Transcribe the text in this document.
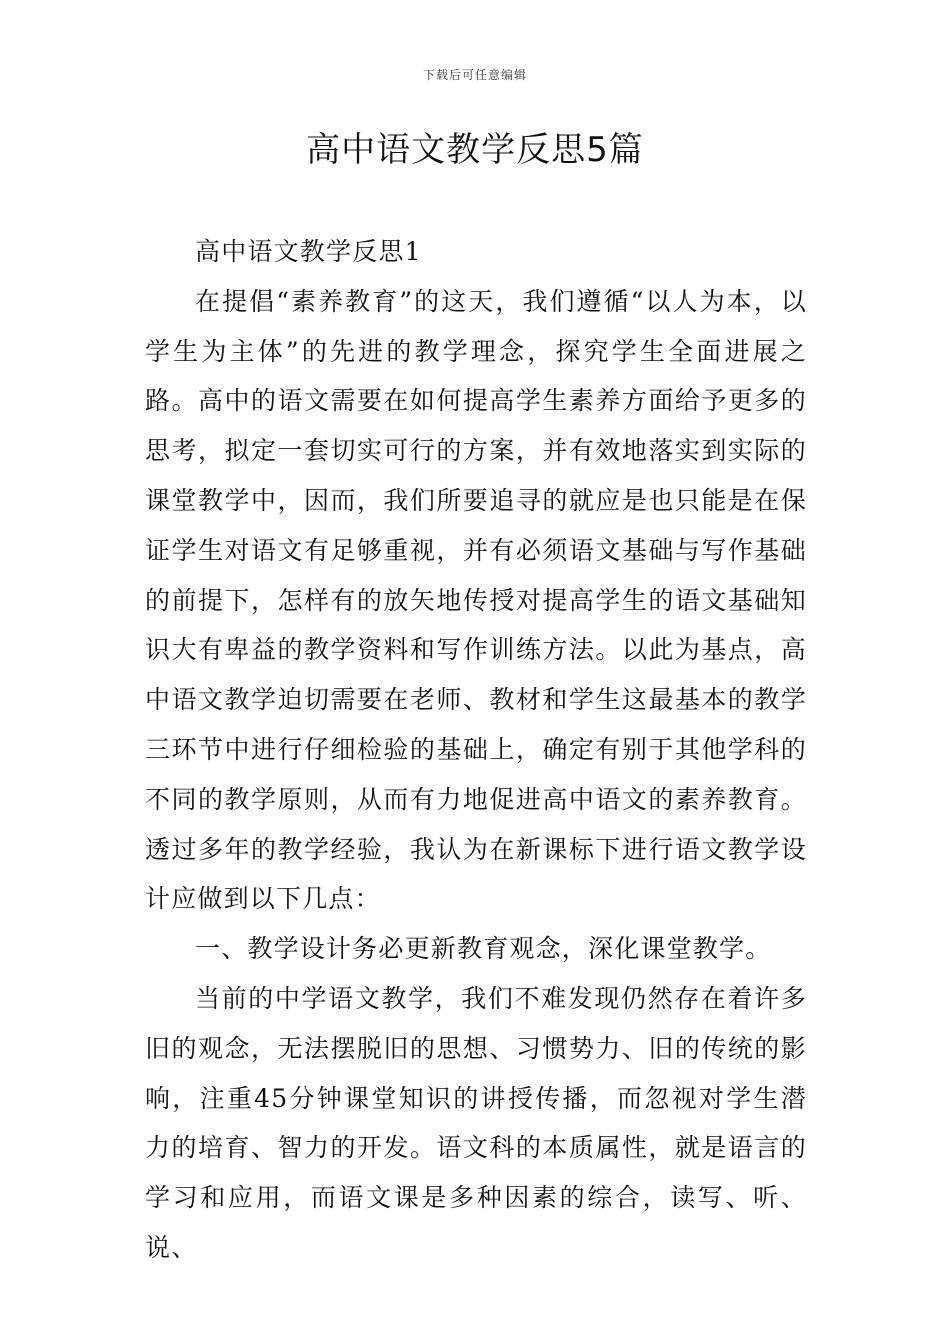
下载后可任意编辑
高中语文教学反思5篇

高中语文教学反思1

在提倡“素养教育”的这天，我们遵循“以人为本，以学生为主体”的先进的教学理念，探究学生全面进展之路。高中的语文需要在如何提高学生素养方面给予更多的思考，拟定一套切实可行的方案，并有效地落实到实际的课堂教学中，因而，我们所要追寻的就应是也只能是在保证学生对语文有足够重视，并有必须语文基础与写作基础的前提下，怎样有的放矢地传授对提高学生的语文基础知识大有卑益的教学资料和写作训练方法。以此为基点，高中语文教学迫切需要在老师、教材和学生这最基本的教学三环节中进行仔细检验的基础上，确定有别于其他学科的不同的教学原则，从而有力地促进高中语文的素养教育。透过多年的教学经验，我认为在新课标下进行语文教学设计应做到以下几点：

一、教学设计务必更新教育观念，深化课堂教学。

当前的中学语文教学，我们不难发现仍然存在着许多旧的观念，无法摆脱旧的思想、习惯势力、旧的传统的影响，注重45分钟课堂知识的讲授传播，而忽视对学生潜力的培育、智力的开发。语文科的本质属性，就是语言的学习和应用，而语文课是多种因素的综合，读写、听、说、
